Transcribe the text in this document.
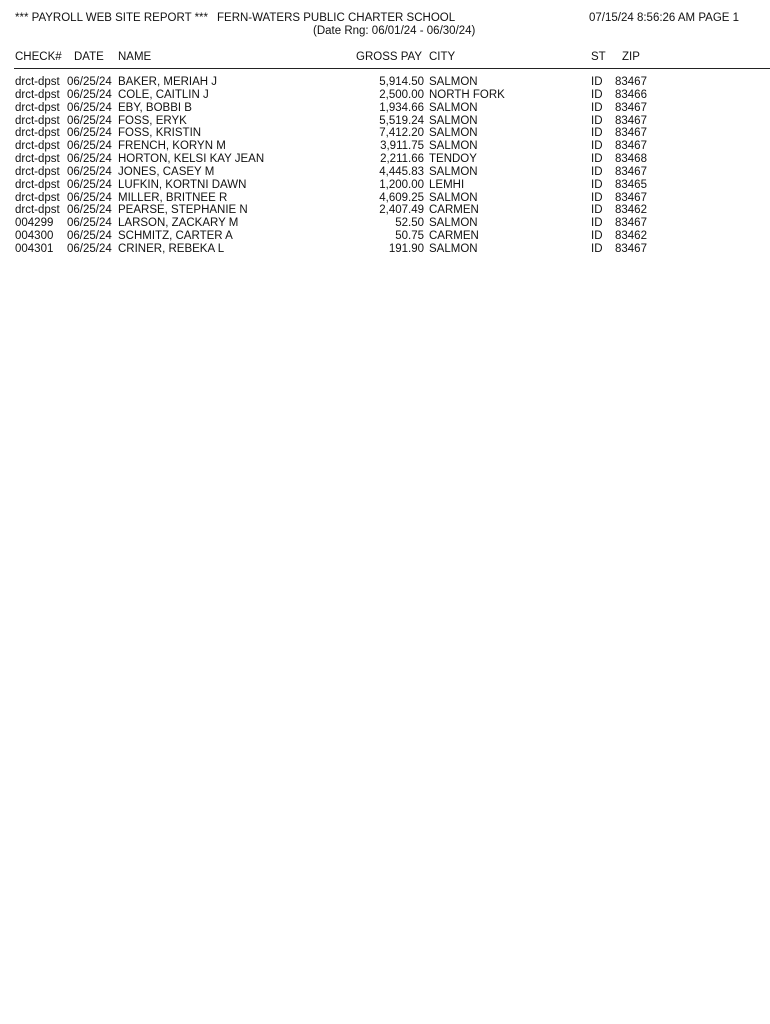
*** PAYROLL WEB SITE REPORT *** FERN-WATERS PUBLIC CHARTER SCHOOL	07/15/24 8:56:26 AM PAGE 1
(Date Rng: 06/01/24 - 06/30/24)
CHECK# DATE NAME	GROSS PAY CITY	ST ZIP
drct-dpst 06/25/24 BAKER, MERIAH J	5,914.50 SALMON	ID 83467
drct-dpst 06/25/24 COLE, CAITLIN J	2,500.00 NORTH FORK	ID 83466
drct-dpst 06/25/24 EBY, BOBBI B	1,934.66 SALMON	ID 83467
drct-dpst 06/25/24 FOSS, ERYK	5,519.24 SALMON	ID 83467
drct-dpst 06/25/24 FOSS, KRISTIN	7,412.20 SALMON	ID 83467
drct-dpst 06/25/24 FRENCH, KORYN M	3,911.75 SALMON	ID 83467
drct-dpst 06/25/24 HORTON, KELSI KAY JEAN	2,211.66 TENDOY	ID 83468
drct-dpst 06/25/24 JONES, CASEY M	4,445.83 SALMON	ID 83467
drct-dpst 06/25/24 LUFKIN, KORTNI DAWN	1,200.00 LEMHI	ID 83465
drct-dpst 06/25/24 MILLER, BRITNEE R	4,609.25 SALMON	ID 83467
drct-dpst 06/25/24 PEARSE, STEPHANIE N	2,407.49 CARMEN	ID 83462
004299 06/25/24 LARSON, ZACKARY M	52.50 SALMON	ID 83467
004300 06/25/24 SCHMITZ, CARTER A	50.75 CARMEN	ID 83462
004301 06/25/24 CRINER, REBEKA L	191.90 SALMON	ID 83467
